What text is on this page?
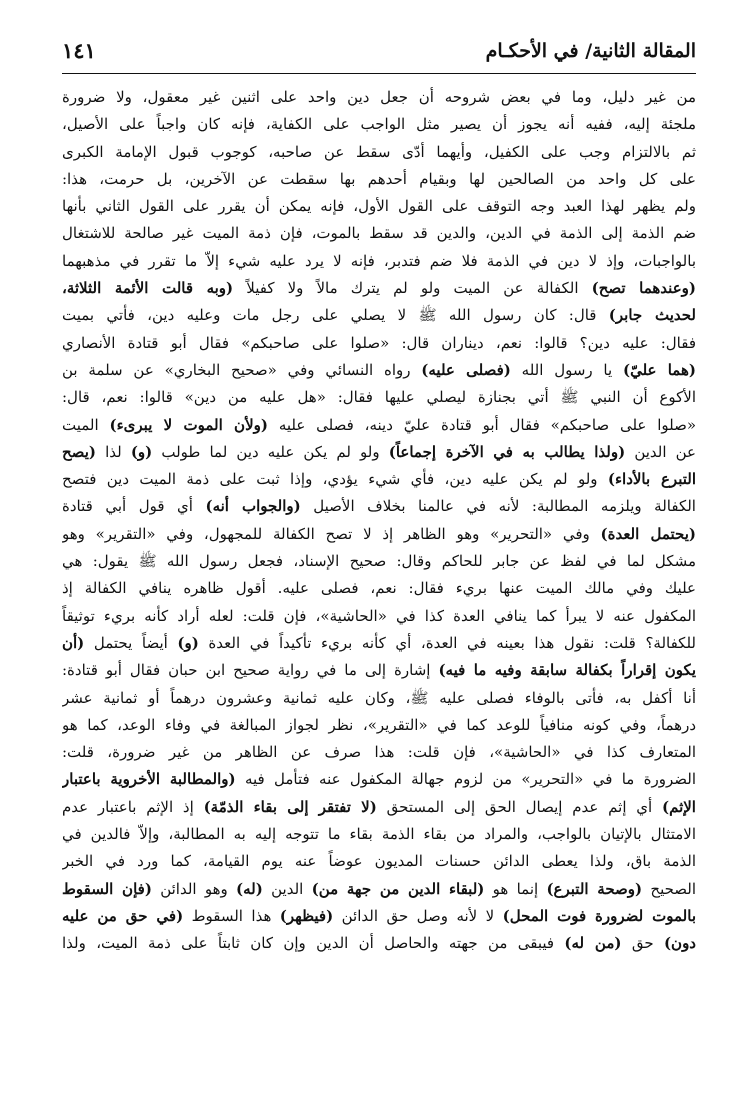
المقالة الثانية/ في الأحكـام
١٤١
من غير دليل، وما في بعض شروحه أن جعل دين واحد على اثنين غير معقول، ولا ضرورة
ملجئة إليه، ففيه أنه يجوز أن يصير مثل الواجب على الكفاية، فإنه كان واجباً على الأصيل،
ثم بالالتزام وجب على الكفيل، وأيهما أدّى سقط عن صاحبه، كوجوب قبول الإمامة الكبرى
على كل واحد من الصالحين لها وبقيام أحدهم بها سقطت عن الآخرين، بل حرمت، هذا:
ولم يظهر لهذا العبد وجه التوقف على القول الأول، فإنه يمكن أن يقرر على القول الثاني بأنها
ضم الذمة إلى الذمة في الدين، والدين قد سقط بالموت، فإن ذمة الميت غير صالحة للاشتغال
بالواجبات، وإذ لا دين في الذمة فلا ضم فتدبر، فإنه لا يرد عليه شيء إلاّ ما تقرر في مذهبهما
(وعندهما تصح) الكفالة عن الميت ولو لم يترك مالاً ولا كفيلاً (وبه قالت الأئمة الثلاثة،
لحديث جابر) قال: كان رسول الله ﷺ لا يصلي على رجل مات وعليه دين، فأتي بميت
فقال: عليه دين؟ قالوا: نعم، ديناران قال: «صلوا على صاحبكم» فقال أبو قتادة الأنصاري
(هما عليّ) يا رسول الله (فصلى عليه) رواه النسائي وفي «صحيح البخاري» عن سلمة بن
الأكوع أن النبي ﷺ أتي بجنازة ليصلي عليها فقال: «هل عليه من دين» قالوا: نعم، قال:
«صلوا على صاحبكم» فقال أبو قتادة عليّ دينه، فصلى عليه (ولأن الموت لا يبرىء) الميت
عن الدين (ولذا يطالب به في الآخرة إجماعاً) ولو لم يكن عليه دين لما طولب (و) لذا (يصح
التبرع بالأداء) ولو لم يكن عليه دين، فأي شيء يؤدي، وإذا ثبت على ذمة الميت دين فتصح
الكفالة ويلزمه المطالبة: لأنه في عالمنا بخلاف الأصيل (والجواب أنه) أي قول أبي قتادة
(يحتمل العدة) وفي «التحرير» وهو الظاهر إذ لا تصح الكفالة للمجهول، وفي «التقرير» وهو
مشكل لما في لفظ عن جابر للحاكم وقال: صحيح الإسناد، فجعل رسول الله ﷺ يقول: هي
عليك وفي مالك الميت عنها بريء فقال: نعم، فصلى عليه. أقول ظاهره ينافي الكفالة إذ
المكفول عنه لا يبرأ كما ينافي العدة كذا في «الحاشية»، فإن قلت: لعله أراد كأنه بريء توثيقاً
للكفالة؟ قلت: نقول هذا بعينه في العدة، أي كأنه بريء تأكيداً في العدة (و) أيضاً يحتمل (أن
يكون إقراراً بكفالة سابقة وفيه ما فيه) إشارة إلى ما في رواية صحيح ابن حبان فقال أبو قتادة:
أنا أكفل به، فأتى بالوفاء فصلى عليه ﷺ، وكان عليه ثمانية وعشرون درهماً أو ثمانية عشر
درهماً، وفي كونه منافياً للوعد كما في «التقرير»، نظر لجواز المبالغة في وفاء الوعد، كما هو
المتعارف كذا في «الحاشية»، فإن قلت: هذا صرف عن الظاهر من غير ضرورة، قلت:
الضرورة ما في «التحرير» من لزوم جهالة المكفول عنه فتأمل فيه (والمطالبة الأخروية باعتبار
الإثم) أي إثم عدم إيصال الحق إلى المستحق (لا تفتقر إلى بقاء الذمّة) إذ الإثم باعتبار عدم
الامتثال بالإتيان بالواجب، والمراد من بقاء الذمة بقاء ما تتوجه إليه به المطالبة، وإلاّ فالدين في
الذمة باق، ولذا يعطى الدائن حسنات المديون عوضاً عنه يوم القيامة، كما ورد في الخبر
الصحيح (وصحة التبرع) إنما هو (لبقاء الدين من جهة من) الدين (له) وهو الدائن (فإن السقوط
بالموت لضرورة فوت المحل) لا لأنه وصل حق الدائن (فيظهر) هذا السقوط (في حق من عليه
دون) حق (من له) فيبقى من جهته والحاصل أن الدين وإن كان ثابتاً على ذمة الميت، ولذا
